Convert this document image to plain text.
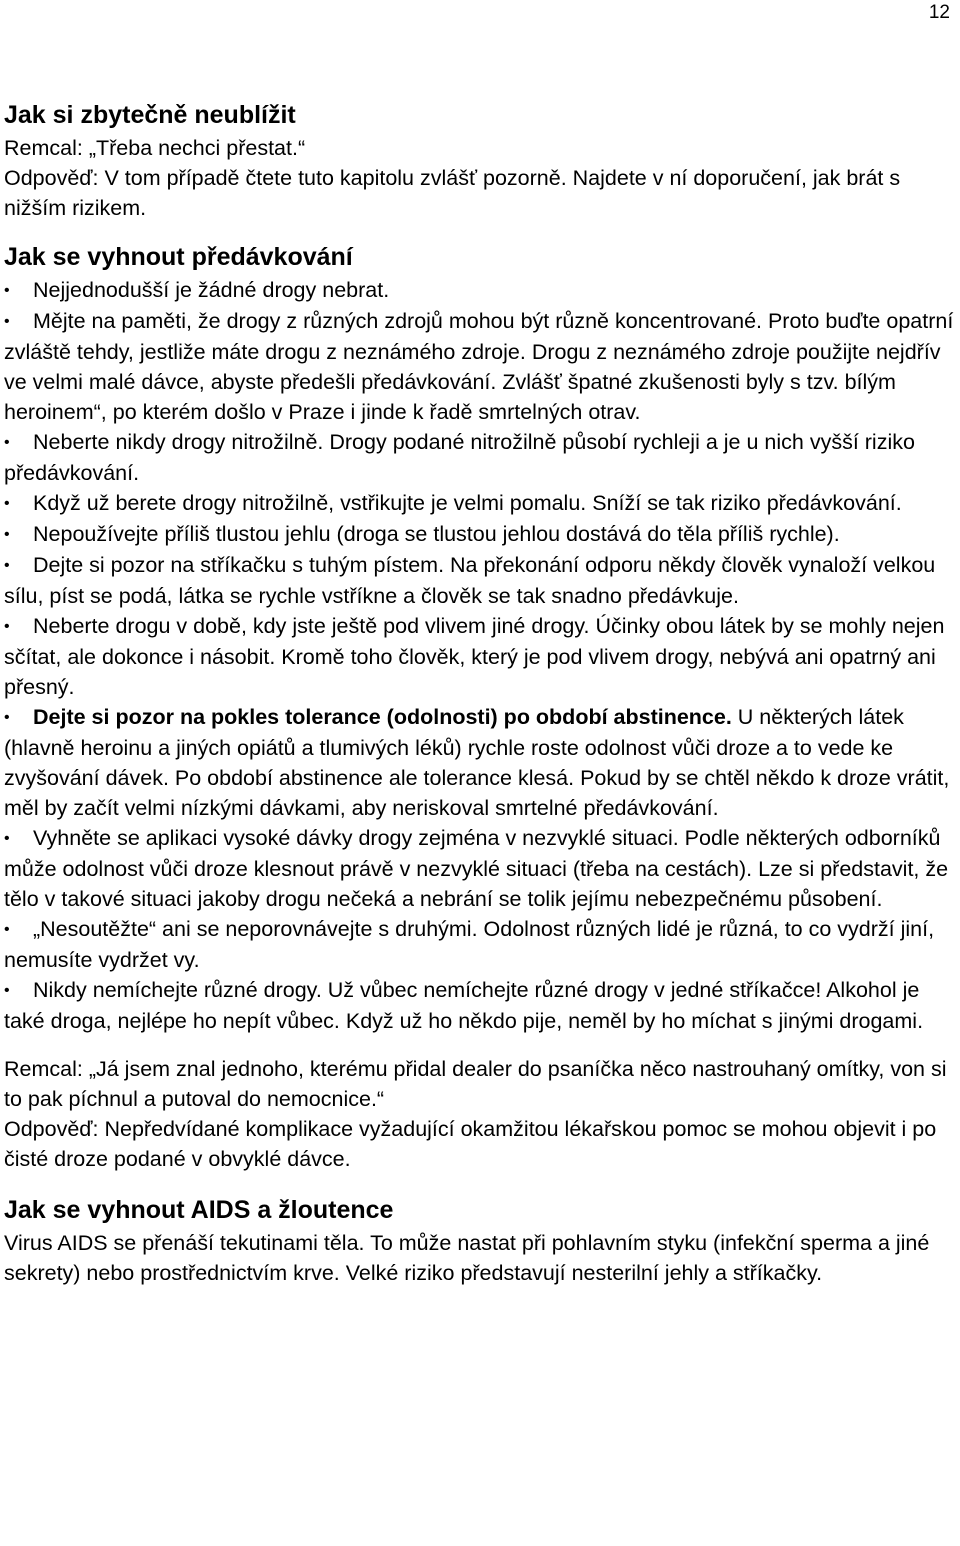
12
Jak si zbytečně neublížit

Remcal: „Třeba nechci přestat.“

Odpověď: V tom případě čtete tuto kapitolu zvlášť pozorně. Najdete v ní doporučení, jak brát s nižším rizikem.

Jak se vyhnout předávkování
• Nejjednodušší je žádné drogy nebrat.
• Mějte na paměti, že drogy z různých zdrojů mohou být různě koncentrované. Proto buďte opatrní zvláště tehdy, jestliže máte drogu z neznámého zdroje. Drogu z neznámého zdroje použijte nejdřív ve velmi malé dávce, abyste předešli předávkování. Zvlášť špatné zkušenosti byly s tzv. bílým heroinem“, po kterém došlo v Praze i jinde k řadě smrtelných otrav.
• Neberte nikdy drogy nitrožilně. Drogy podané nitrožilně působí rychleji a je u nich vyšší riziko předávkování.
• Když už berete drogy nitrožilně, vstřikujte je velmi pomalu. Sníží se tak riziko předávkování.
• Nepoužívejte příliš tlustou jehlu (droga se tlustou jehlou dostává do těla příliš rychle).
• Dejte si pozor na stříkačku s tuhým pístem. Na překonání odporu někdy člověk vynaloží velkou sílu, píst se podá, látka se rychle vstříkne a člověk se tak snadno předávkuje.
• Neberte drogu v době, kdy jste ještě pod vlivem jiné drogy. Účinky obou látek by se mohly nejen sčítat, ale dokonce i násobit. Kromě toho člověk, který je pod vlivem drogy, nebývá ani opatrný ani přesný.
• Dejte si pozor na pokles tolerance (odolnosti) po období abstinence. U některých látek (hlavně heroinu a jiných opiátů a tlumivých léků) rychle roste odolnost vůči droze a to vede ke zvyšování dávek. Po období abstinence ale tolerance klesá. Pokud by se chtěl někdo k droze vrátit, měl by začít velmi nízkými dávkami, aby neriskoval smrtelné předávkování.
• Vyhněte se aplikaci vysoké dávky drogy zejména v nezvyklé situaci. Podle některých odborníků může odolnost vůči droze klesnout právě v nezvyklé situaci (třeba na cestách). Lze si představit, že tělo v takové situaci jakoby drogu nečeká a nebrání se tolik jejímu nebezpečnému působení.
• „Nesoutěžte“ ani se neporovnávejte s druhými. Odolnost různých lidé je různá, to co vydrží jiní, nemusíte vydržet vy.
• Nikdy nemíchejte různé drogy. Už vůbec nemíchejte různé drogy v jedné stříkačce! Alkohol je také droga, nejlépe ho nepít vůbec. Když už ho někdo pije, neměl by ho míchat s jinými drogami.

Remcal: „Já jsem znal jednoho, kterému přidal dealer do psaníčka něco nastrouhaný omítky, von si to pak píchnul a putoval do nemocnice.“

Odpověď: Nepředvídané komplikace vyžadující okamžitou lékařskou pomoc se mohou objevit i po čisté droze podané v obvyklé dávce.

Jak se vyhnout AIDS a žloutence

Virus AIDS se přenáší tekutinami těla. To může nastat při pohlavním styku (infekční sperma a jiné sekrety) nebo prostřednictvím krve. Velké riziko představují nesterilní jehly a stříkačky.
